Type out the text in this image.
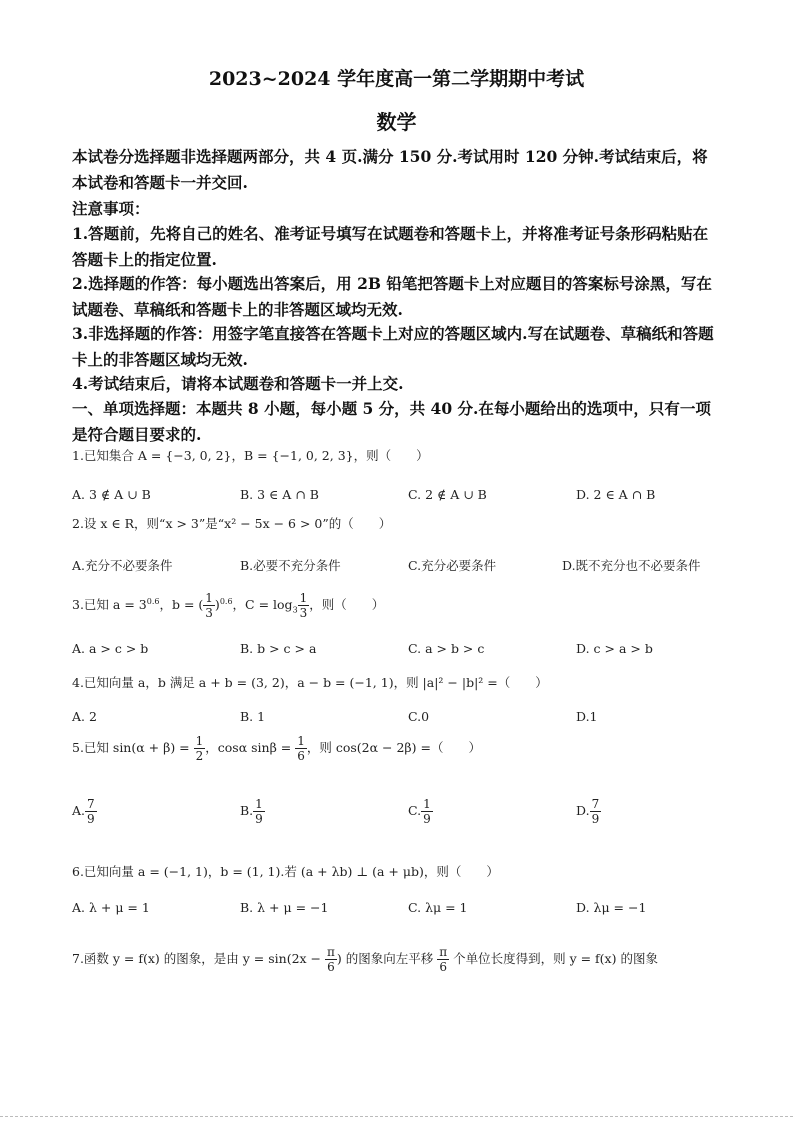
2023~2024 学年度高一第二学期期中考试
数学
本试卷分选择题非选择题两部分，共 4 页.满分 150 分.考试用时 120 分钟.考试结束后，将本试卷和答题卡一并交回.
注意事项：
1.答题前，先将自己的姓名、准考证号填写在试题卷和答题卡上，并将准考证号条形码粘贴在答题卡上的指定位置.
2.选择题的作答：每小题选出答案后，用 2B 铅笔把答题卡上对应题目的答案标号涂黑，写在试题卷、草稿纸和答题卡上的非答题区域均无效.
3.非选择题的作答：用签字笔直接答在答题卡上对应的答题区域内.写在试题卷、草稿纸和答题卡上的非答题区域均无效.
4.考试结束后，请将本试题卷和答题卡一并上交.
一、单项选择题：本题共 8 小题，每小题 5 分，共 40 分.在每小题给出的选项中，只有一项是符合题目要求的.
1.已知集合 A = {−3, 0, 2}，B = {−1, 0, 2, 3}，则（　　）
A. 3 ∉ A ∪ B	B. 3 ∈ A ∩ B	C. 2 ∉ A ∪ B	D. 2 ∈ A ∩ B
2.设 x ∈ R，则“x > 3”是“x² − 5x − 6 > 0”的（　　）
A.充分不必要条件	B.必要不充分条件	C.充分必要条件	D.既不充分也不必要条件
3.已知 $a = 3^{0.6}$，b = ( $\frac{1}{3} )^{0.6}$，$C = \log_3 \frac{1}{3}$ ，则（　　）
A. a > c > b	B. b > c > a	C. a > b > c	D. c > a > b
4.已知向量 a，b 满足 a + b = (3, 2)，a − b = (−1, 1)，则 |a|² − |b|² =（　　）
A. 2	B. 1	C.0	D.1
5.已知 $\sin(\alpha + \beta) = \frac{1}{2}$ ，cosα $\sin\beta = \frac{1}{6}$ ，则 cos(2α − 2β) =（　　）
A. $\frac{7}{9}$	B. $\frac{1}{9}$	C. $\frac{1}{9}$	D. $\frac{7}{9}$
6.已知向量 a = (−1, 1)，b = (1, 1).若 (a + λb) ⊥ (a + μb)，则（　　）
A. λ + μ = 1	B. λ + μ = −1	C. λμ = 1	D. λμ = −1
7.函数 y = f(x) 的图象，是由 $y = \sin(2x - \frac{\pi}{6}$ ) 的图象向左平移 $\frac{\pi}{6}$ 个单位长度得到，则 y = f(x) 的图象
